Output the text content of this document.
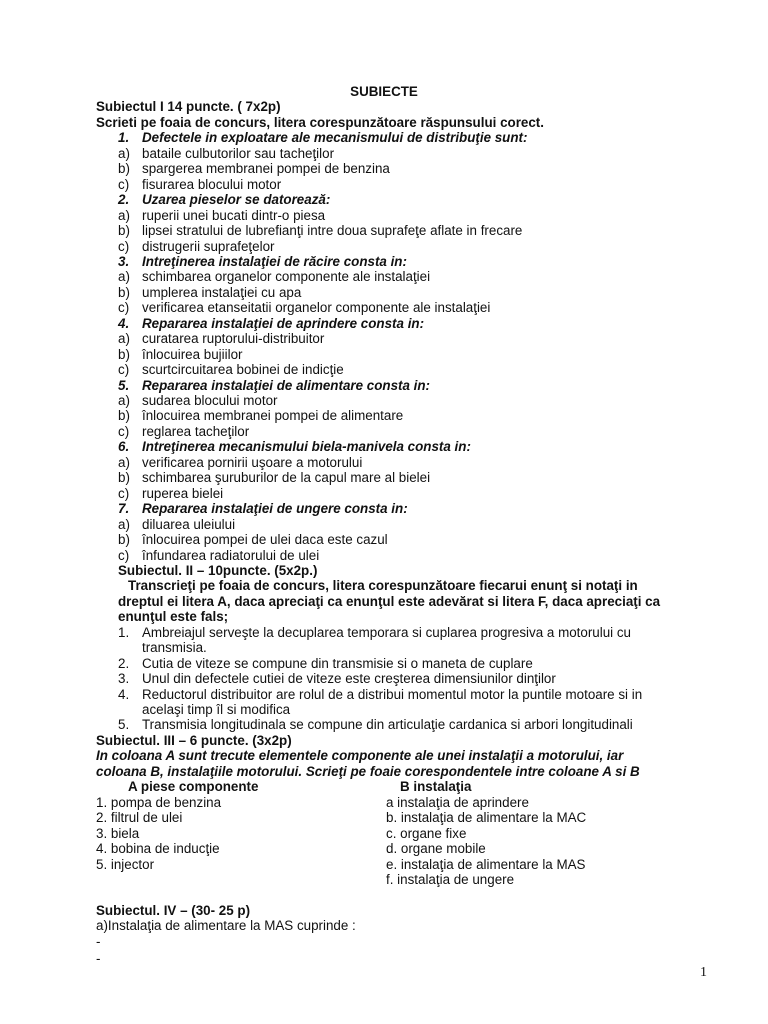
SUBIECTE
Subiectul I 14 puncte. ( 7x2p)
Scrieti pe foaia de concurs, litera corespunzătoare răspunsului corect.
1. Defectele in exploatare ale mecanismului de distribuţie sunt:
a) bataile culbutorilor sau tacheţilor
b) spargerea membranei pompei de benzina
c) fisurarea blocului motor
2. Uzarea pieselor se datorează:
a) ruperii unei bucati dintr-o piesa
b) lipsei stratului de lubrefianţi intre doua suprafeţe aflate in frecare
c) distrugerii suprafeţelor
3. Intreţinerea instalaţiei de răcire consta in:
a) schimbarea organelor componente ale instalaţiei
b) umplerea instalaţiei cu apa
c) verificarea etanseitatii organelor componente ale instalaţiei
4. Repararea instalaţiei de aprindere consta in:
a) curatarea ruptorului-distribuitor
b) înlocuirea bujiilor
c) scurtcircuitarea bobinei de indicţie
5. Repararea instalaţiei de alimentare consta in:
a) sudarea blocului motor
b) înlocuirea membranei pompei de alimentare
c) reglarea tacheţilor
6. Intreţinerea mecanismului biela-manivela consta in:
a) verificarea pornirii uşoare a motorului
b) schimbarea şuruburilor de la capul mare al bielei
c) ruperea bielei
7. Repararea instalaţiei de ungere consta in:
a) diluarea uleiului
b) înlocuirea pompei de ulei daca este cazul
c) înfundarea radiatorului de ulei
Subiectul. II – 10puncte. (5x2p.)
Transcrieţi pe foaia de concurs, litera corespunzătoare fiecarui enunţ si notaţi in
dreptul ei litera A, daca apreciaţi ca enunţul este adevărat si litera F, daca apreciaţi ca
enunţul este fals;
1. Ambreiajul serveşte la decuplarea temporara si cuplarea progresiva a motorului cu
transmisia.
2. Cutia de viteze se compune din transmisie si o maneta de cuplare
3. Unul din defectele cutiei de viteze este creşterea dimensiunilor dinţilor
4. Reductorul distribuitor are rolul de a distribui momentul motor la puntile motoare si in
acelaşi timp îl si modifica
5. Transmisia longitudinala se compune din articulaţie cardanica si arbori longitudinali
Subiectul. III – 6 puncte. (3x2p)
In coloana A sunt trecute elementele componente ale unei instalaţii a motorului, iar
coloana B, instalaţiile motorului. Scrieţi pe foaie corespondentele intre coloane A si B
A piese componente	B instalaţia
1. pompa de benzina	a instalaţia de aprindere
2. filtrul de ulei	b. instalaţia de alimentare la MAC
3. biela	c. organe fixe
4. bobina de inducţie	d. organe mobile
5. injector	e. instalaţia de alimentare la MAS
f. instalaţia de ungere
Subiectul. IV – (30- 25 p)
a)Instalaţia de alimentare la MAS cuprinde :
-
-
1
